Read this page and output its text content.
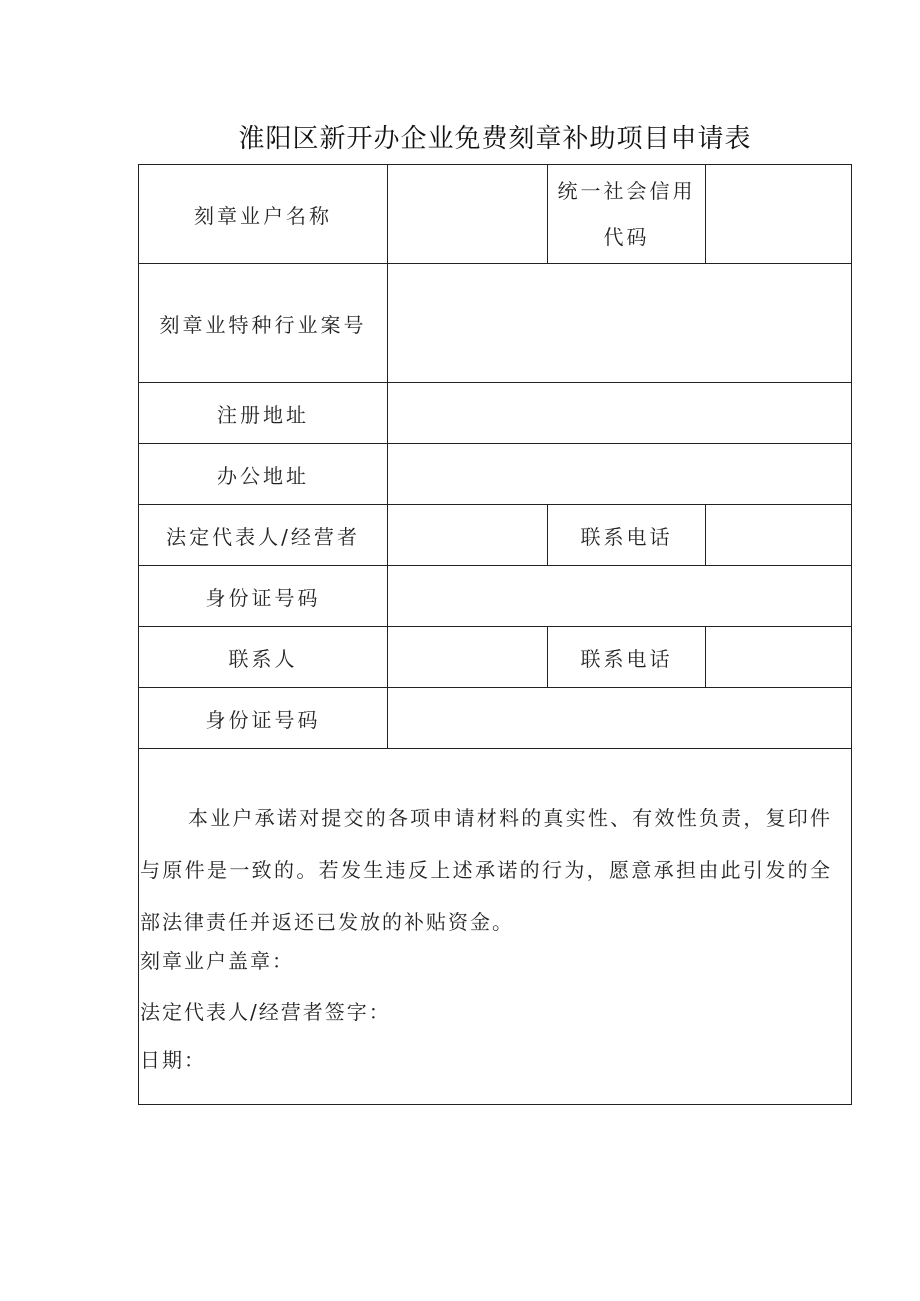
淮阳区新开办企业免费刻章补助项目申请表
刻章业户名称
统一社会信用
代码
刻章业特种行业案号
注册地址
办公地址
法定代表人/经营者	联系电话
身份证号码
联系人	联系电话
身份证号码
本业户承诺对提交的各项申请材料的真实性、有效性负责，复印件与原件是一致的。若发生违反上述承诺的行为，愿意承担由此引发的全部法律责任并返还已发放的补贴资金。
刻章业户盖章：
法定代表人/经营者签字：
日期：
